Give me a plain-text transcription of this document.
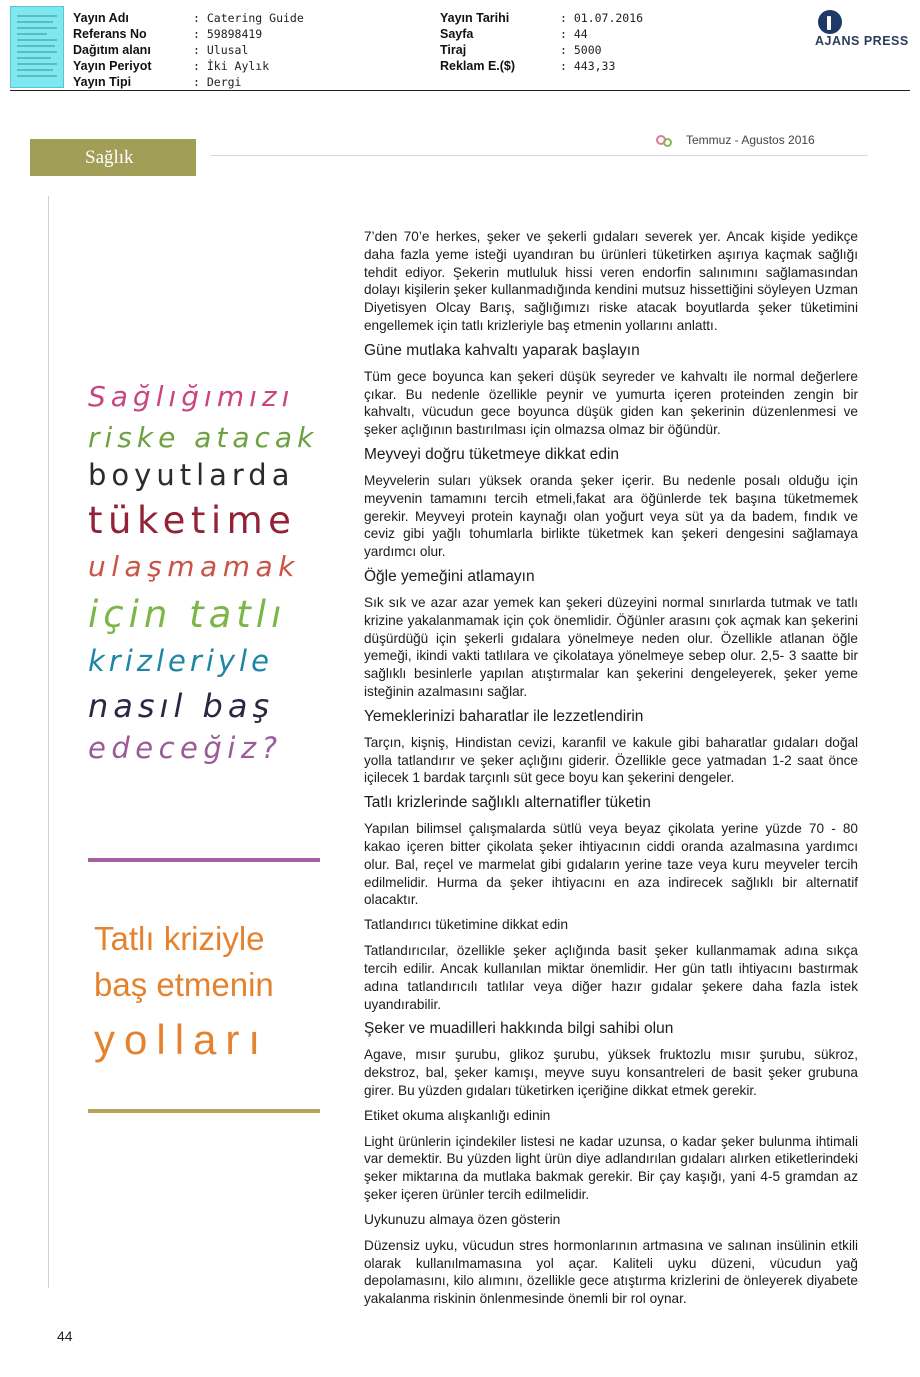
Yayın Adı	: Catering Guide
Referans No	: 59898419
Dağıtım alanı	: Ulusal
Yayın Periyot	: İki Aylık
Yayın Tipi	: Dergi
Yayın Tarihi	: 01.07.2016
Sayfa	: 44
Tiraj	: 5000
Reklam E.($)	: 443,33
AJANS PRESS
Sağlık
Temmuz - Agustos 2016
Sağlığımızı
riske atacak
boyutlarda
tüketime
ulaşmamak
için tatlı
krizleriyle
nasıl baş
edeceğiz?
Tatlı kriziyle
baş etmenin
yolları

7’den 70’e herkes, şeker ve şekerli gıdaları severek yer. Ancak kişide yedikçe daha fazla yeme isteği uyandıran bu ürünleri tüketirken aşırıya kaçmak sağlığı tehdit ediyor. Şekerin mutluluk hissi veren endorfin salınımını sağlamasından dolayı kişilerin şeker kullanmadığında kendini mutsuz hissettiğini söyleyen Uzman Diyetisyen Olcay Barış, sağlığımızı riske atacak boyutlarda şeker tüketimini engellemek için tatlı krizleriyle baş etmenin yollarını anlattı.

Güne mutlaka kahvaltı yaparak başlayın

Tüm gece boyunca kan şekeri düşük seyreder ve kahvaltı ile normal değerlere çıkar. Bu nedenle özellikle peynir ve yumurta içeren proteinden zengin bir kahvaltı, vücudun gece boyunca düşük giden kan şekerinin düzenlenmesi ve şeker açlığının bastırılması için olmazsa olmaz bir öğündür.

Meyveyi doğru tüketmeye dikkat edin

Meyvelerin suları yüksek oranda şeker içerir. Bu nedenle posalı olduğu için meyvenin tamamını tercih etmeli,fakat ara öğünlerde tek başına tüketmemek gerekir. Meyveyi protein kaynağı olan yoğurt veya süt ya da badem, fındık ve ceviz gibi yağlı tohumlarla birlikte tüketmek kan şekeri dengesini sağlamaya yardımcı olur.

Öğle yemeğini atlamayın

Sık sık ve azar azar yemek kan şekeri düzeyini normal sınırlarda tutmak ve tatlı krizine yakalanmamak için çok önemlidir. Öğünler arasını çok açmak kan şekerini düşürdüğü için şekerli gıdalara yönelmeye neden olur. Özellikle atlanan öğle yemeği, ikindi vakti tatlılara ve çikolataya yönelmeye sebep olur. 2,5- 3 saatte bir sağlıklı besinlerle yapılan atıştırmalar kan şekerini dengeleyerek, şeker yeme isteğinin azalmasını sağlar.

Yemeklerinizi baharatlar ile lezzetlendirin

Tarçın, kişniş, Hindistan cevizi, karanfil ve kakule gibi baharatlar gıdaları doğal yolla tatlandırır ve şeker açlığını giderir. Özellikle gece yatmadan 1-2 saat önce içilecek 1 bardak tarçınlı süt gece boyu kan şekerini dengeler.

Tatlı krizlerinde sağlıklı alternatifler tüketin

Yapılan bilimsel çalışmalarda sütlü veya beyaz çikolata yerine yüzde 70 - 80 kakao içeren bitter çikolata şeker ihtiyacının ciddi oranda azalmasına yardımcı olur. Bal, reçel ve marmelat gibi gıdaların yerine taze veya kuru meyveler tercih edilmelidir. Hurma da şeker ihtiyacını en aza indirecek sağlıklı bir alternatif olacaktır.

Tatlandırıcı tüketimine dikkat edin

Tatlandırıcılar, özellikle şeker açlığında basit şeker kullanmamak adına sıkça tercih edilir. Ancak kullanılan miktar önemlidir. Her gün tatlı ihtiyacını bastırmak adına tatlandırıcılı tatlılar veya diğer hazır gıdalar şekere daha fazla istek uyandırabilir.

Şeker ve muadilleri hakkında bilgi sahibi olun

Agave, mısır şurubu, glikoz şurubu, yüksek fruktozlu mısır şurubu, sükroz, dekstroz, bal, şeker kamışı, meyve suyu konsantreleri de basit şeker grubuna girer. Bu yüzden gıdaları tüketirken içeriğine dikkat etmek gerekir.

Etiket okuma alışkanlığı edinin

Light ürünlerin içindekiler listesi ne kadar uzunsa, o kadar şeker bulunma ihtimali var demektir. Bu yüzden light ürün diye adlandırılan gıdaları alırken etiketlerindeki şeker miktarına da mutlaka bakmak gerekir. Bir çay kaşığı, yani 4-5 gramdan az şeker içeren ürünler tercih edilmelidir.

Uykunuzu almaya özen gösterin

Düzensiz uyku, vücudun stres hormonlarının artmasına ve salınan insülinin etkili olarak kullanılmamasına yol açar. Kaliteli uyku düzeni, vücudun yağ depolamasını, kilo alımını, özellikle gece atıştırma krizlerini de önleyerek diyabete yakalanma riskinin önlenmesinde önemli bir rol oynar.

44
